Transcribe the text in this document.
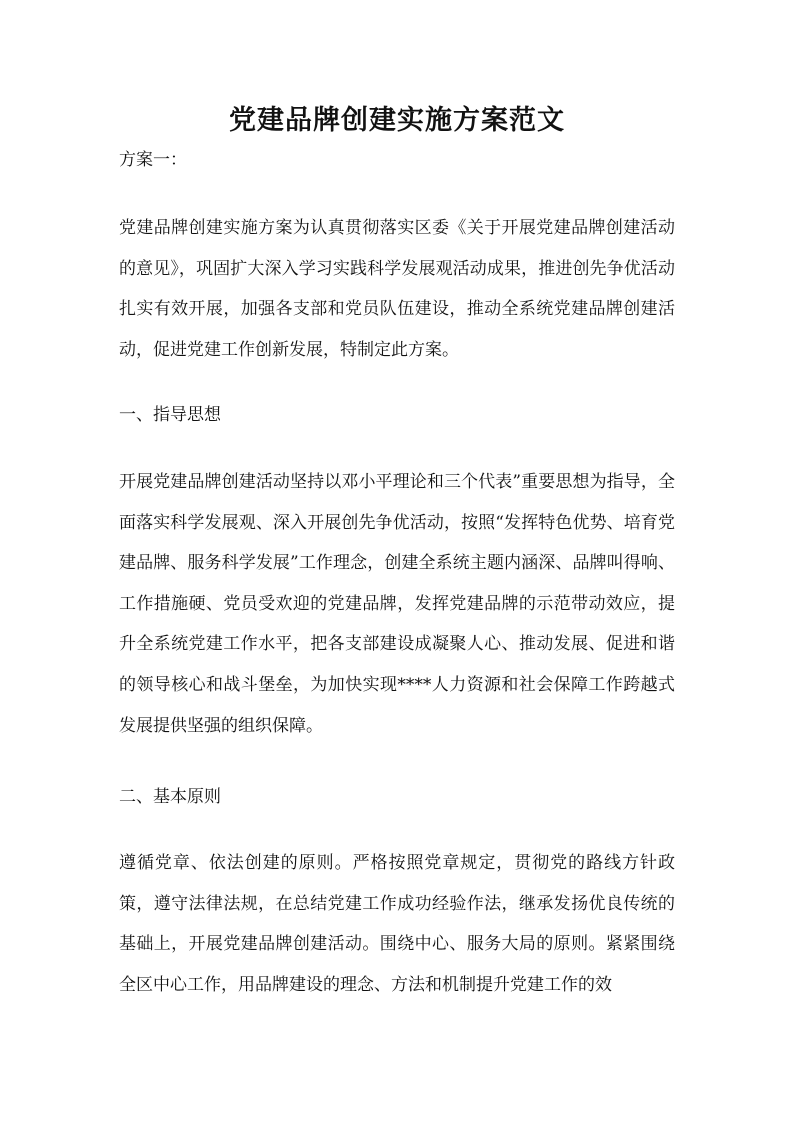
党建品牌创建实施方案范文
方案一：
党建品牌创建实施方案为认真贯彻落实区委《关于开展党建品牌创建活动的意见》，巩固扩大深入学习实践科学发展观活动成果，推进创先争优活动扎实有效开展，加强各支部和党员队伍建设，推动全系统党建品牌创建活动，促进党建工作创新发展，特制定此方案。
一、指导思想
开展党建品牌创建活动坚持以邓小平理论和三个代表”重要思想为指导，全面落实科学发展观、深入开展创先争优活动，按照“发挥特色优势、培育党建品牌、服务科学发展”工作理念，创建全系统主题内涵深、品牌叫得响、工作措施硬、党员受欢迎的党建品牌，发挥党建品牌的示范带动效应，提升全系统党建工作水平，把各支部建设成凝聚人心、推动发展、促进和谐的领导核心和战斗堡垒，为加快实现****人力资源和社会保障工作跨越式发展提供坚强的组织保障。
二、基本原则
遵循党章、依法创建的原则。严格按照党章规定，贯彻党的路线方针政策，遵守法律法规，在总结党建工作成功经验作法，继承发扬优良传统的基础上，开展党建品牌创建活动。围绕中心、服务大局的原则。紧紧围绕全区中心工作，用品牌建设的理念、方法和机制提升党建工作的效
